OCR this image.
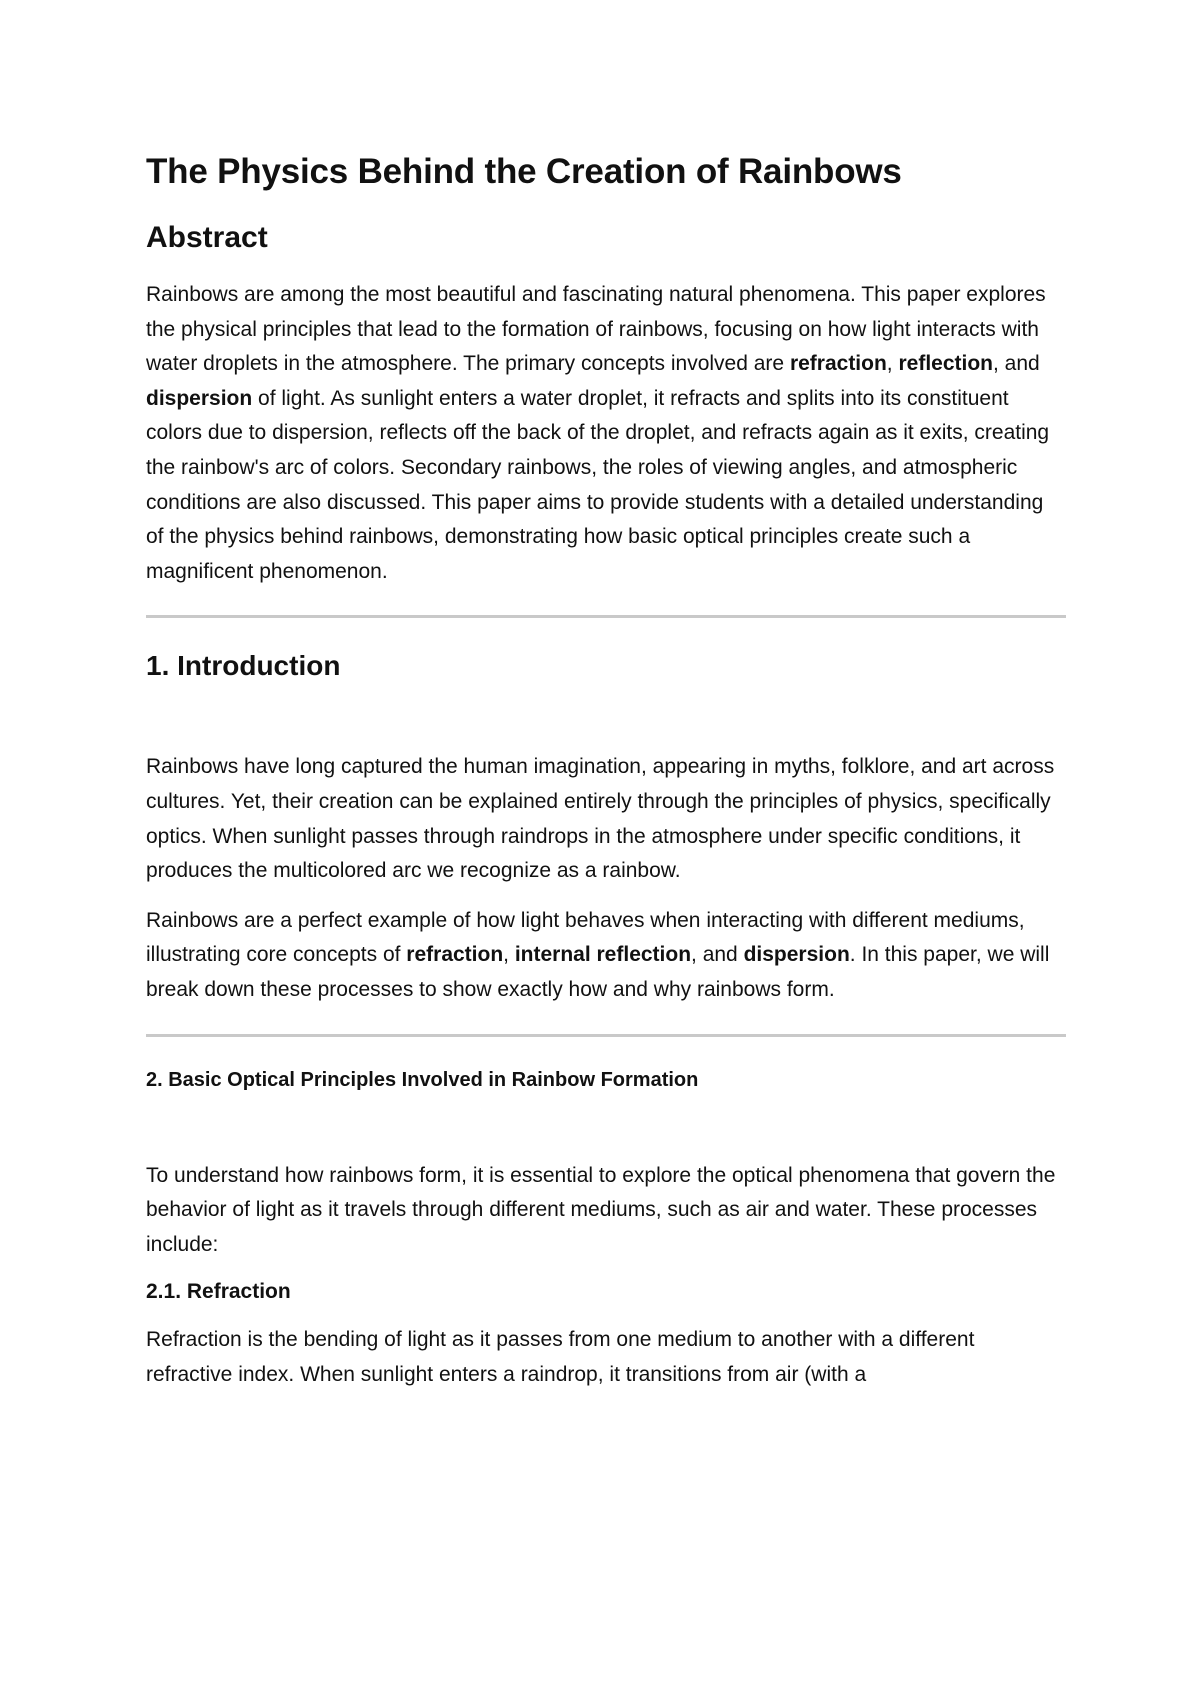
The Physics Behind the Creation of Rainbows
Abstract

Rainbows are among the most beautiful and fascinating natural phenomena. This paper explores the physical principles that lead to the formation of rainbows, focusing on how light interacts with water droplets in the atmosphere. The primary concepts involved are refraction, reflection, and dispersion of light. As sunlight enters a water droplet, it refracts and splits into its constituent colors due to dispersion, reflects off the back of the droplet, and refracts again as it exits, creating the rainbow's arc of colors. Secondary rainbows, the roles of viewing angles, and atmospheric conditions are also discussed. This paper aims to provide students with a detailed understanding of the physics behind rainbows, demonstrating how basic optical principles create such a magnificent phenomenon.

1. Introduction

Rainbows have long captured the human imagination, appearing in myths, folklore, and art across cultures. Yet, their creation can be explained entirely through the principles of physics, specifically optics. When sunlight passes through raindrops in the atmosphere under specific conditions, it produces the multicolored arc we recognize as a rainbow.

Rainbows are a perfect example of how light behaves when interacting with different mediums, illustrating core concepts of refraction, internal reflection, and dispersion. In this paper, we will break down these processes to show exactly how and why rainbows form.

2. Basic Optical Principles Involved in Rainbow Formation

To understand how rainbows form, it is essential to explore the optical phenomena that govern the behavior of light as it travels through different mediums, such as air and water. These processes include:

2.1. Refraction

Refraction is the bending of light as it passes from one medium to another with a different refractive index. When sunlight enters a raindrop, it transitions from air (with a
